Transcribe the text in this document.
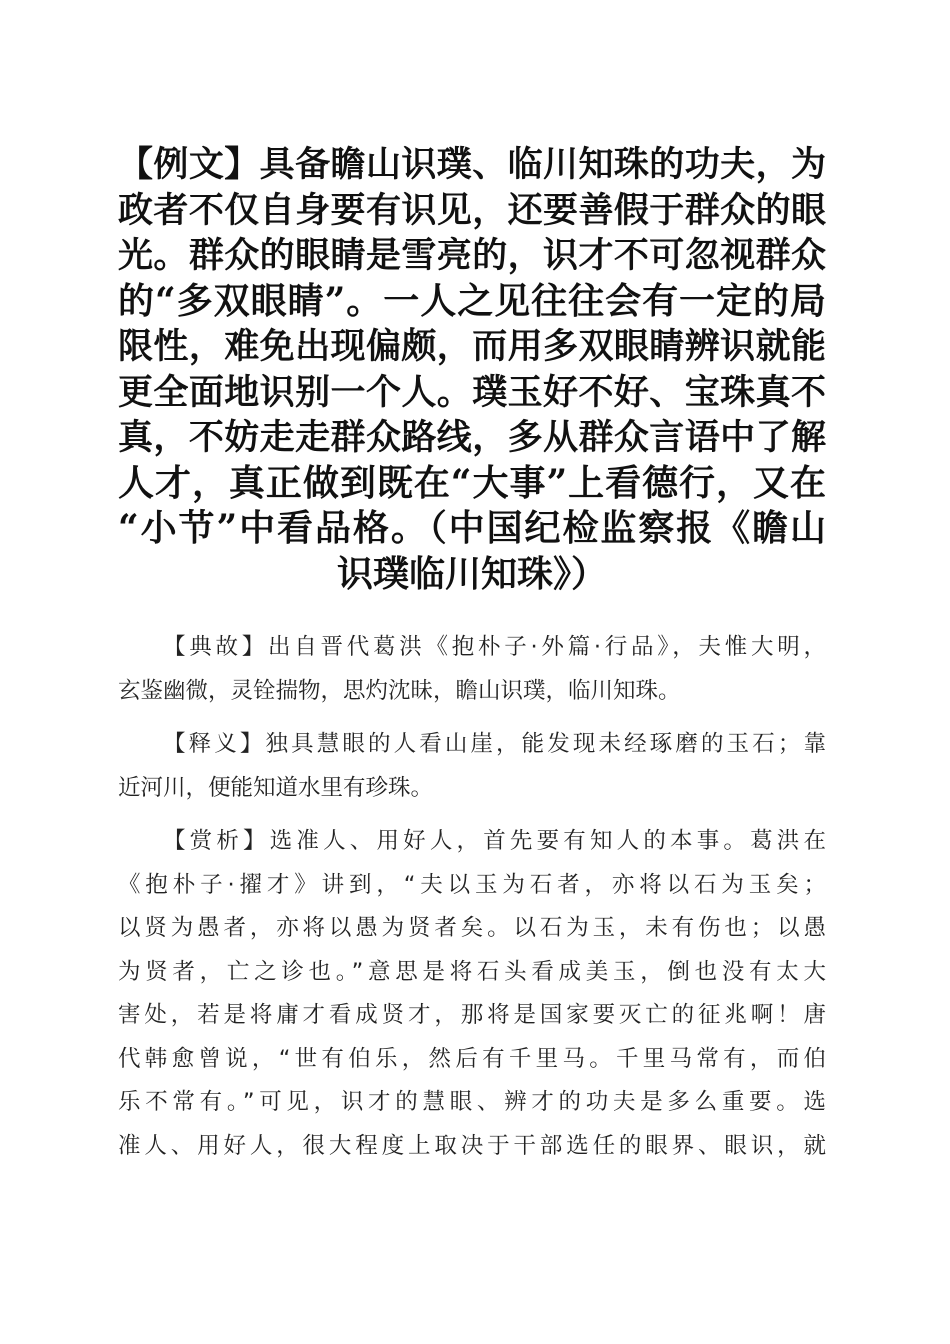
【例文】具备瞻山识璞、临川知珠的功夫，为
政者不仅自身要有识见，还要善假于群众的眼
光。群众的眼睛是雪亮的，识才不可忽视群众
的“多双眼睛”。一人之见往往会有一定的局
限性，难免出现偏颇，而用多双眼睛辨识就能
更全面地识别一个人。璞玉好不好、宝珠真不
真，不妨走走群众路线，多从群众言语中了解
人才，真正做到既在“大事”上看德行，又在
“小节”中看品格。（中国纪检监察报《瞻山
识璞临川知珠》）
【典故】出自晋代葛洪《抱朴子·外篇·行品》，夫惟大明，
玄鉴幽微，灵铨揣物，思灼沈昧，瞻山识璞，临川知珠。
【释义】独具慧眼的人看山崖，能发现未经琢磨的玉石；靠
近河川，便能知道水里有珍珠。
【赏析】选准人、用好人，首先要有知人的本事。葛洪在
《抱朴子·擢才》讲到，“夫以玉为石者，亦将以石为玉矣；
以贤为愚者，亦将以愚为贤者矣。以石为玉，未有伤也；以愚
为贤者，亡之诊也。”意思是将石头看成美玉，倒也没有太大
害处，若是将庸才看成贤才，那将是国家要灭亡的征兆啊！唐
代韩愈曾说，“世有伯乐，然后有千里马。千里马常有，而伯
乐不常有。”可见，识才的慧眼、辨才的功夫是多么重要。选
准人、用好人，很大程度上取决于干部选任的眼界、眼识，就
